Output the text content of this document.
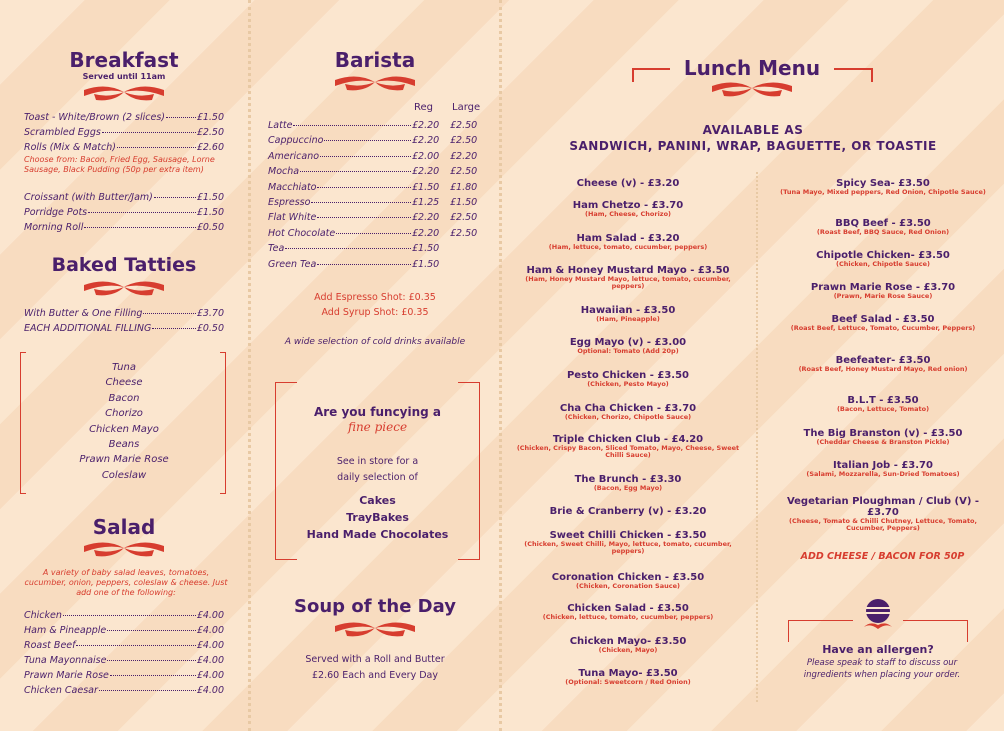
Breakfast
Served until 11am
Toast - White/Brown (2 slices)	£1.50
Scrambled Eggs	£2.50
Rolls (Mix & Match)	£2.60
Croissant (with Butter/Jam)	£1.50
Porridge Pots	£1.50
Morning Roll	£0.50
Choose from: Bacon, Fried Egg, Sausage, Lorne Sausage, Black Pudding (50p per extra item)
Baked Tatties
With Butter & One Filling	£3.70
EACH ADDITIONAL FILLING	£0.50
Tuna
Cheese
Bacon
Chorizo
Chicken Mayo
Beans
Prawn Marie Rose
Coleslaw
Salad
A variety of baby salad leaves, tomatoes, cucumber, onion, peppers, coleslaw & cheese. Just add one of the following:
Chicken	£4.00
Ham & Pineapple	£4.00
Roast Beef	£4.00
Tuna Mayonnaise	£4.00
Prawn Marie Rose	£4.00
Chicken Caesar	£4.00
Barista
Reg Large
Latte	£2.20	£2.50
Cappuccino	£2.20	£2.50
Americano	£2.00	£2.20
Mocha	£2.20	£2.50
Macchiato	£1.50	£1.80
Espresso	£1.25	£1.50
Flat White	£2.20	£2.50
Hot Chocolate	£2.20	£2.50
Tea	£1.50
Green Tea	£1.50
Add Espresso Shot: £0.35
Add Syrup Shot: £0.35
A wide selection of cold drinks available
Are you funcying a
fine piece
See in store for a
daily selection of
Cakes
TrayBakes
Hand Made Chocolates
Soup of the Day
Served with a Roll and Butter
£2.60 Each and Every Day
Lunch Menu
AVAILABLE AS
SANDWICH, PANINI, WRAP, BAGUETTE, OR TOASTIE
Cheese (v) - £3.20
Ham Chetzo - £3.70
(Ham, Cheese, Chorizo)
Ham Salad - £3.20
(Ham, lettuce, tomato, cucumber, peppers)
Ham & Honey Mustard Mayo - £3.50
(Ham, Honey Mustard Mayo, lettuce, tomato, cucumber, peppers)
Hawaiian - £3.50
(Ham, Pineapple)
Egg Mayo (v) - £3.00
Optional: Tomato (Add 20p)
Pesto Chicken - £3.50
(Chicken, Pesto Mayo)
Cha Cha Chicken - £3.70
(Chicken, Chorizo, Chipotle Sauce)
Triple Chicken Club - £4.20
(Chicken, Crispy Bacon, Sliced Tomato, Mayo, Cheese, Sweet Chilli Sauce)
The Brunch - £3.30
(Bacon, Egg Mayo)
Brie & Cranberry (v) - £3.20
Sweet Chilli Chicken - £3.50
(Chicken, Sweet Chilli, Mayo, lettuce, tomato, cucumber, peppers)
Coronation Chicken - £3.50
(Chicken, Coronation Sauce)
Chicken Salad - £3.50
(Chicken, lettuce, tomato, cucumber, peppers)
Chicken Mayo- £3.50
(Chicken, Mayo)
Tuna Mayo- £3.50
(Optional: Sweetcorn / Red Onion)
Spicy Sea- £3.50
(Tuna Mayo, Mixed peppers, Red Onion, Chipotle Sauce)
BBQ Beef - £3.50
(Roast Beef, BBQ Sauce, Red Onion)
Chipotle Chicken- £3.50
(Chicken, Chipotle Sauce)
Prawn Marie Rose - £3.70
(Prawn, Marie Rose Sauce)
Beef Salad - £3.50
(Roast Beef, Lettuce, Tomato, Cucumber, Peppers)
Beefeater- £3.50
(Roast Beef, Honey Mustard Mayo, Red onion)
B.L.T - £3.50
(Bacon, Lettuce, Tomato)
The Big Branston (v) - £3.50
(Cheddar Cheese & Branston Pickle)
Italian Job - £3.70
(Salami, Mozzarella, Sun-Dried Tomatoes)
Vegetarian Ploughman / Club (V) - £3.70
(Cheese, Tomato & Chilli Chutney, Lettuce, Tomato, Cucumber, Peppers)
ADD CHEESE / BACON FOR 50P
Have an allergen?
Please speak to staff to discuss our ingredients when placing your order.
